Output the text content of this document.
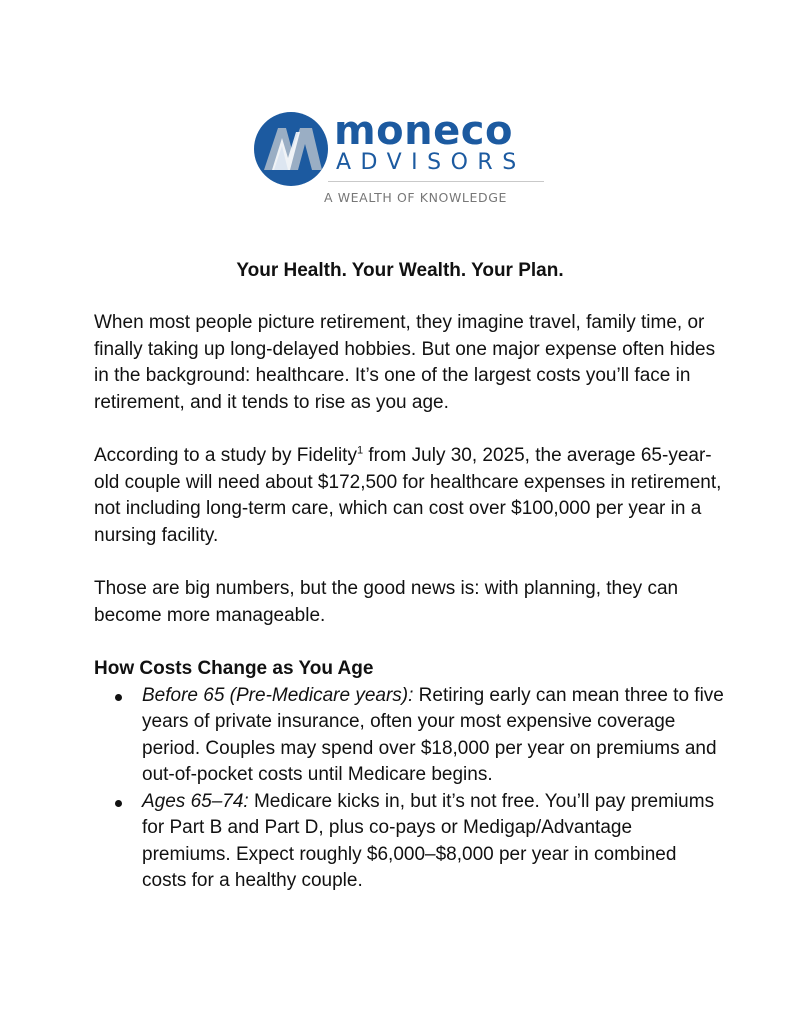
moneco
ADVISORS
A WEALTH OF KNOWLEDGE
Your Health. Your Wealth. Your Plan.

When most people picture retirement, they imagine travel, family time, or finally taking up long-delayed hobbies. But one major expense often hides in the background: healthcare. It’s one of the largest costs you’ll face in retirement, and it tends to rise as you age.

According to a study by Fidelity$^1$ from July 30, 2025, the average 65-year-old couple will need about $172,500 for healthcare expenses in retirement, not including long-term care, which can cost over $100,000 per year in a nursing facility.

Those are big numbers, but the good news is: with planning, they can become more manageable.

How Costs Change as You Age
Before 65 (Pre-Medicare years): Retiring early can mean three to five years of private insurance, often your most expensive coverage period. Couples may spend over $18,000 per year on premiums and out-of-pocket costs until Medicare begins.
Ages 65–74: Medicare kicks in, but it’s not free. You’ll pay premiums for Part B and Part D, plus co-pays or Medigap/Advantage premiums. Expect roughly $6,000–$8,000 per year in combined costs for a healthy couple.
